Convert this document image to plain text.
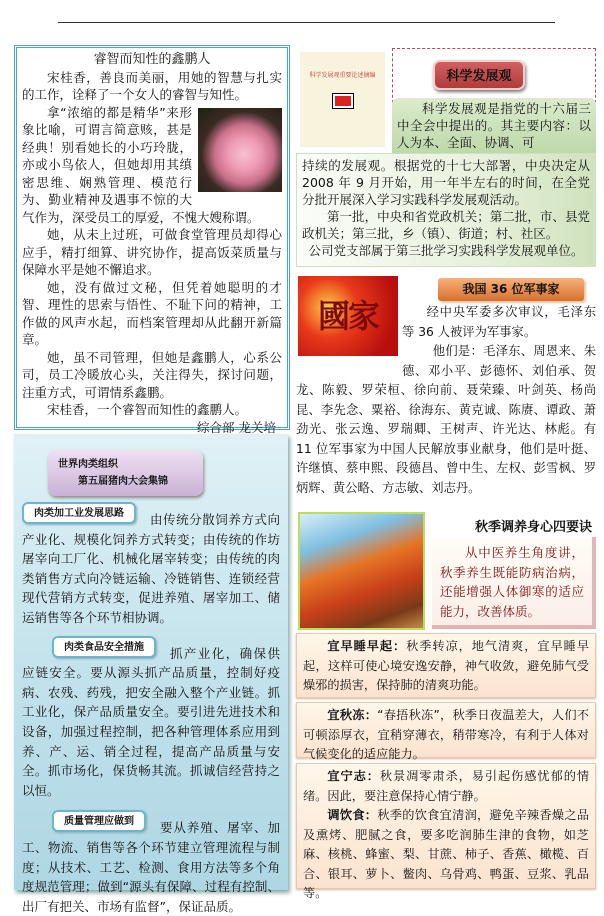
睿智而知性的鑫鹏人

宋桂香，善良而美丽，用她的智慧与扎实的工作，诠释了一个女人的睿智与知性。

拿“浓缩的都是精华”来形象比喻，可谓言简意赅，甚是经典！别看她长的小巧玲胧，亦或小鸟依人，但她却用其缜密思维、娴熟管理、模范行为、勤业精神及遇事不惊的大气作为，深受员工的厚爱，不愧大嫂称谓。

她，从未上过班，可做食堂管理员却得心应手，精打细算、讲究协作，提高饭菜质量与保障水平是她不懈追求。

她，没有做过文秘，但凭着她聪明的才智、理性的思索与悟性、不耻下问的精神，工作做的风声水起，而档案管理却从此翻开新篇章。

她，虽不司管理，但她是鑫鹏人，心系公司，员工冷暖放心头，关注得失，探讨问题，注重方式，可谓情系鑫鹏。

宋桂香，一个睿智而知性的鑫鹏人。

综合部 龙关培

肉类加工业发展思路	由传统分散饲养方式向产业化、规模化饲养方式转变；由传统的作坊屠宰向工厂化、机械化屠宰转变；由传统的肉类销售方式向冷链运输、冷链销售、连锁经营现代营销方式转变，促进养殖、屠宰加工、储运销售等各个环节相协调。

肉类食品安全措施	抓产业化，确保供应链安全。要从源头抓产品质量，控制好疫病、农残、药残，把安全融入整个产业链。抓工业化，保产品质量安全。要引进先进技术和设备，加强过程控制，把各种管理体系应用到养、产、运、销全过程，提高产品质量与安全。抓市场化，保货畅其流。抓诚信经营持之以恒。

质量管理应做到	要从养殖、屠宰、加工、物流、销售等各个环节建立管理流程与制度；从技术、工艺、检测、食用方法等多个角度规范管理；做到“源头有保障、过程有控制、出厂有把关、市场有监督”，保证品质。

世界肉类组织
第五届猪肉大会集锦
科学发展观重要论述摘编	科学发展观

科学发展观是指党的十六届三中全会中提出的。其主要内容：以人为本、全面、协调、可

持续的发展观。根据党的十七大部署，中央决定从 2008 年 9 月开始，用一年半左右的时间，在全党分批开展深入学习实践科学发展观活动。

第一批，中央和省党政机关；第二批，市、县党政机关；第三批，乡（镇）、街道；村、社区。

公司党支部属于第三批学习实践科学发展观单位。

國家
我国 36 位军事家

经中央军委多次审议，毛泽东等 36 人被评为军事家。

他们是：毛泽东、周恩来、朱德、邓小平、彭德怀、刘伯承、贺龙、陈毅、罗荣桓、徐向前、聂荣臻、叶剑英、杨尚昆、李先念、粟裕、徐海东、黄克诚、陈赓、谭政、萧劲光、张云逸、罗瑞卿、王树声、许光达、林彪。有 11 位军事家为中国人民解放事业献身，他们是叶挺、许继慎、蔡申熙、段德昌、曾中生、左权、彭雪枫、罗炳辉、黄公略、方志敏、刘志丹。

秋季调养身心四要诀

从中医养生角度讲，秋季养生既能防病治病，还能增强人体御寒的适应能力，改善体质。

宜早睡早起：秋季转凉，地气清爽，宜早睡早起，这样可使心境安逸安静，神气收敛，避免肺气受燥邪的损害，保持肺的清爽功能。

宜秋冻：“春捂秋冻”，秋季日夜温差大，人们不可顿添厚衣，宜稍穿薄衣，稍带寒冷，有利于人体对气候变化的适应能力。

宜宁志：秋景凋零肃杀，易引起伤感忧郁的情绪。因此，要注意保持心情宁静。

调饮食：秋季的饮食宜清润，避免辛辣香燥之品及熏烤、肥腻之食，要多吃润肺生津的食物，如芝麻、核桃、蜂蜜、梨、甘蔗、柿子、香蕉、橄榄、百合、银耳、萝卜、鳖肉、乌骨鸡、鸭蛋、豆浆、乳品等。
